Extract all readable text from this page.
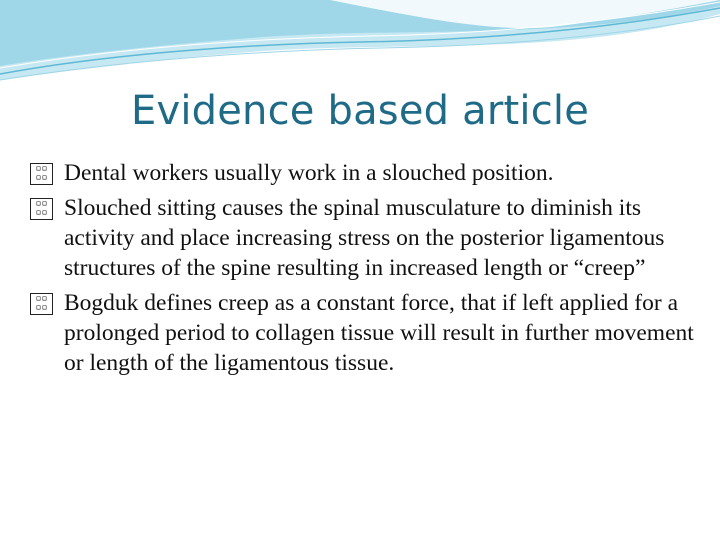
Evidence based article
▫▫
▫▫ Dental workers usually work in a slouched position.
▫▫
▫▫ Slouched sitting causes the spinal musculature to diminish its activity and place increasing stress on the posterior ligamentous structures of the spine resulting in increased length or “creep”
▫▫
▫▫ Bogduk defines creep as a constant force, that if left applied for a prolonged period to collagen tissue will result in further movement or length of the ligamentous tissue.
